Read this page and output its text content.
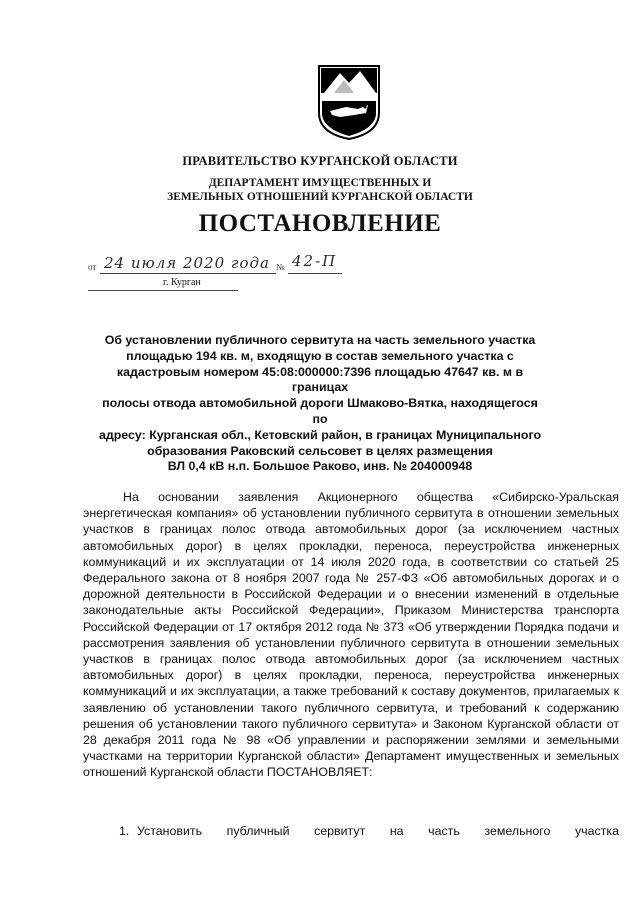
ПРАВИТЕЛЬСТВО КУРГАНСКОЙ ОБЛАСТИ
ДЕПАРТАМЕНТ ИМУЩЕСТВЕННЫХ И
ЗЕМЕЛЬНЫХ ОТНОШЕНИЙ КУРГАНСКОЙ ОБЛАСТИ
ПОСТАНОВЛЕНИЕ
от 24 июля 2020 года № 42-П
г. Курган
Об установлении публичного сервитута на часть земельного участка
площадью 194 кв. м, входящую в состав земельного участка с
кадастровым номером 45:08:000000:7396 площадью 47647 кв. м в границах
полосы отвода автомобильной дороги Шмаково-Вятка, находящегося по
адресу: Курганская обл., Кетовский район, в границах Муниципального
образования Раковский сельсовет в целях размещения
ВЛ 0,4 кВ н.п. Большое Раково, инв. № 204000948

На основании заявления Акционерного общества «Сибирско-Уральская энергетическая компания» об установлении публичного сервитута в отношении земельных участков в границах полос отвода автомобильных дорог (за исключением частных автомобильных дорог) в целях прокладки, переноса, переустройства инженерных коммуникаций и их эксплуатации от 14 июля 2020 года, в соответствии со статьей 25 Федерального закона от 8 ноября 2007 года № 257-ФЗ «Об автомобильных дорогах и о дорожной деятельности в Российской Федерации и о внесении изменений в отдельные законодательные акты Российской Федерации», Приказом Министерства транспорта Российской Федерации от 17 октября 2012 года № 373 «Об утверждении Порядка подачи и рассмотрения заявления об установлении публичного сервитута в отношении земельных участков в границах полос отвода автомобильных дорог (за исключением частных автомобильных дорог) в целях прокладки, переноса, переустройства инженерных коммуникаций и их эксплуатации, а также требований к составу документов, прилагаемых к заявлению об установлении такого публичного сервитута, и требований к содержанию решения об установлении такого публичного сервитута» и Законом Курганской области от 28 декабря 2011 года № 98 «Об управлении и распоряжении землями и земельными участками на территории Курганской области» Департамент имущественных и земельных отношений Курганской области ПОСТАНОВЛЯЕТ:

1. Установить публичный сервитут на часть земельного участка
